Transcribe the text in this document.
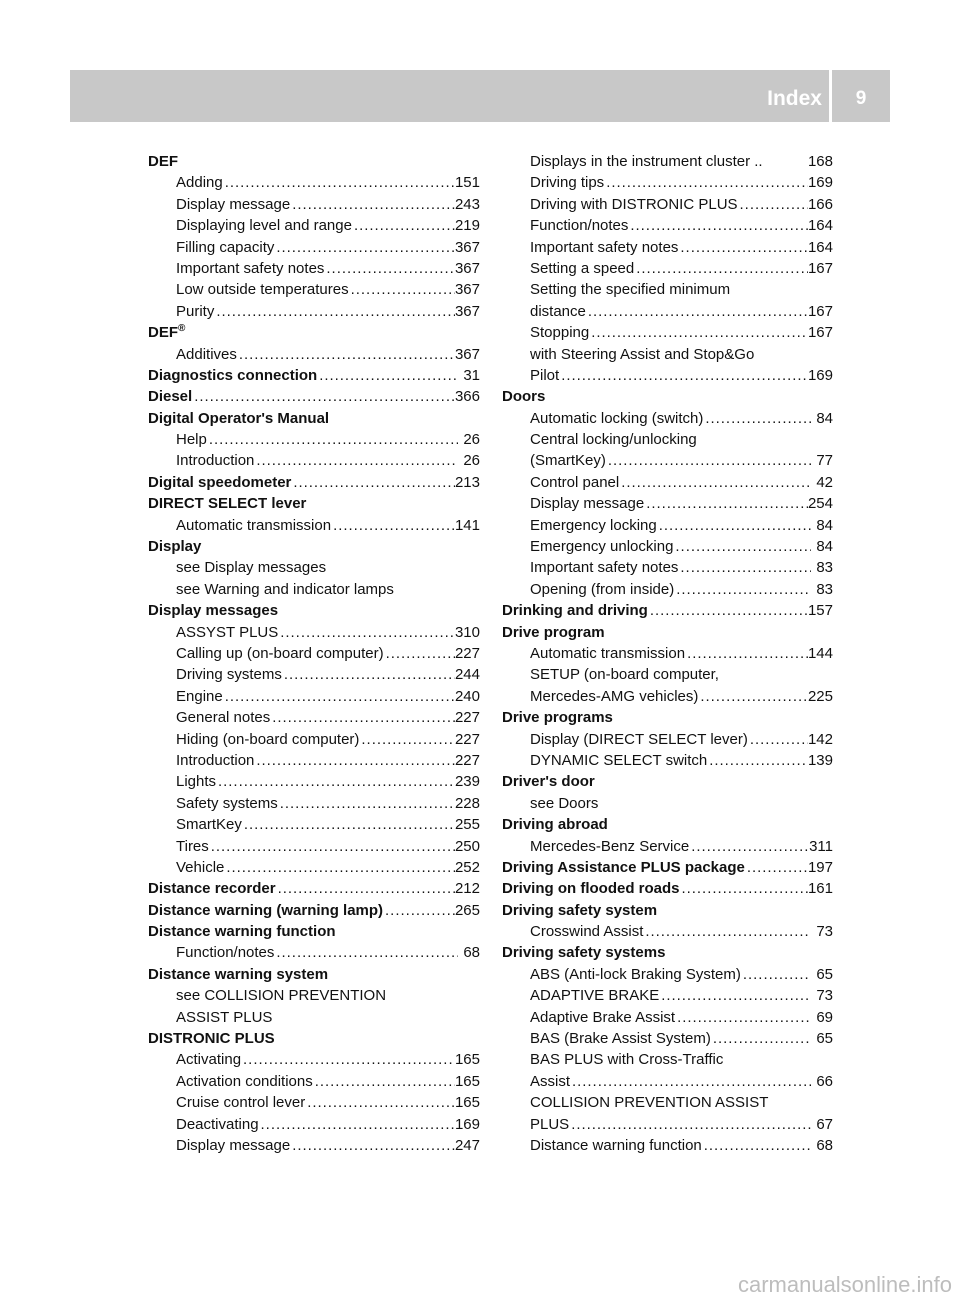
Index	9
DEF
Adding . . .	151
Display message . . .	243
Displaying level and range . . .	219
Filling capacity . . .	367
Important safety notes . . .	367
Low outside temperatures . . .	367
Purity . . .	367
DEF®
Additives . . .	367
Diagnostics connection . . .	31
Diesel . . .	366
Digital Operator's Manual
Help . . .	26
Introduction . . .	26
Digital speedometer . . .	213
DIRECT SELECT lever
Automatic transmission . . .	141
Display
see Display messages
see Warning and indicator lamps
Display messages
ASSYST PLUS . . .	310
Calling up (on-board computer) . . .	227
Driving systems . . .	244
Engine . . .	240
General notes . . .	227
Hiding (on-board computer) . . .	227
Introduction . . .	227
Lights . . .	239
Safety systems . . .	228
SmartKey . . .	255
Tires . . .	250
Vehicle . . .	252
Distance recorder . . .	212
Distance warning (warning lamp) . . .	265
Distance warning function
Function/notes . . .	68
Distance warning system
see COLLISION PREVENTION
ASSIST PLUS
DISTRONIC PLUS
Activating . . .	165
Activation conditions . . .	165
Cruise control lever . . .	165
Deactivating . . .	169
Display message . . .	247
Displays in the instrument cluster ..	168
Driving tips . . .	169
Driving with DISTRONIC PLUS . . .	166
Function/notes . . .	164
Important safety notes . . .	164
Setting a speed . . .	167
Setting the specified minimum
distance . . .	167
Stopping . . .	167
with Steering Assist and Stop&Go
Pilot . . .	169
Doors
Automatic locking (switch) . . .	84
Central locking/unlocking
(SmartKey) . . .	77
Control panel . . .	42
Display message . . .	254
Emergency locking . . .	84
Emergency unlocking . . .	84
Important safety notes . . .	83
Opening (from inside) . . .	83
Drinking and driving . . .	157
Drive program
Automatic transmission . . .	144
SETUP (on-board computer,
Mercedes-AMG vehicles) . . .	225
Drive programs
Display (DIRECT SELECT lever) . . .	142
DYNAMIC SELECT switch . . .	139
Driver's door
see Doors
Driving abroad
Mercedes-Benz Service . . .	311
Driving Assistance PLUS package . . .	197
Driving on flooded roads . . .	161
Driving safety system
Crosswind Assist . . .	73
Driving safety systems
ABS (Anti-lock Braking System) . . .	65
ADAPTIVE BRAKE . . .	73
Adaptive Brake Assist . . .	69
BAS (Brake Assist System) . . .	65
BAS PLUS with Cross-Traffic
Assist . . .	66
COLLISION PREVENTION ASSIST
PLUS . . .	67
Distance warning function . . .	68
carmanualsonline.info
